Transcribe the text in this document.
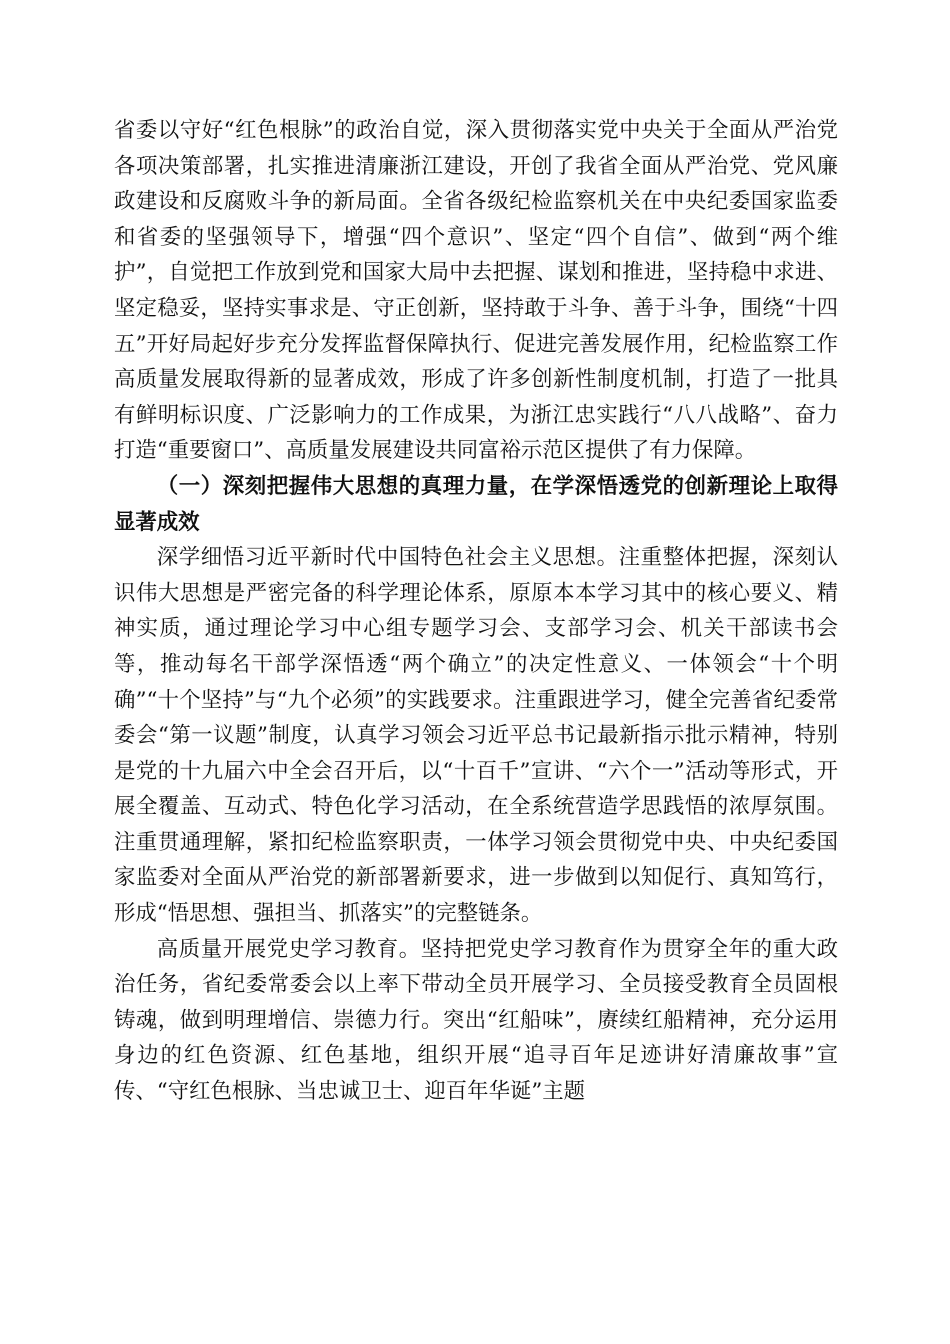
省委以守好“红色根脉”的政治自觉，深入贯彻落实党中央关于全面从严治党各项决策部署，扎实推进清廉浙江建设，开创了我省全面从严治党、党风廉政建设和反腐败斗争的新局面。全省各级纪检监察机关在中央纪委国家监委和省委的坚强领导下，增强“四个意识”、坚定“四个自信”、做到“两个维护”，自觉把工作放到党和国家大局中去把握、谋划和推进，坚持稳中求进、坚定稳妥，坚持实事求是、守正创新，坚持敢于斗争、善于斗争，围绕“十四五”开好局起好步充分发挥监督保障执行、促进完善发展作用，纪检监察工作高质量发展取得新的显著成效，形成了许多创新性制度机制，打造了一批具有鲜明标识度、广泛影响力的工作成果，为浙江忠实践行“八八战略”、奋力打造“重要窗口”、高质量发展建设共同富裕示范区提供了有力保障。

（一）深刻把握伟大思想的真理力量，在学深悟透党的创新理论上取得显著成效

深学细悟习近平新时代中国特色社会主义思想。注重整体把握，深刻认识伟大思想是严密完备的科学理论体系，原原本本学习其中的核心要义、精神实质，通过理论学习中心组专题学习会、支部学习会、机关干部读书会等，推动每名干部学深悟透“两个确立”的决定性意义、一体领会“十个明确”“十个坚持”与“九个必须”的实践要求。注重跟进学习，健全完善省纪委常委会“第一议题”制度，认真学习领会习近平总书记最新指示批示精神，特别是党的十九届六中全会召开后，以“十百千”宣讲、“六个一”活动等形式，开展全覆盖、互动式、特色化学习活动，在全系统营造学思践悟的浓厚氛围。注重贯通理解，紧扣纪检监察职责，一体学习领会贯彻党中央、中央纪委国家监委对全面从严治党的新部署新要求，进一步做到以知促行、真知笃行，形成“悟思想、强担当、抓落实”的完整链条。

高质量开展党史学习教育。坚持把党史学习教育作为贯穿全年的重大政治任务，省纪委常委会以上率下带动全员开展学习、全员接受教育全员固根铸魂，做到明理增信、崇德力行。突出“红船味”，赓续红船精神，充分运用身边的红色资源、红色基地，组织开展“追寻百年足迹讲好清廉故事”宣传、“守红色根脉、当忠诚卫士、迎百年华诞”主题
